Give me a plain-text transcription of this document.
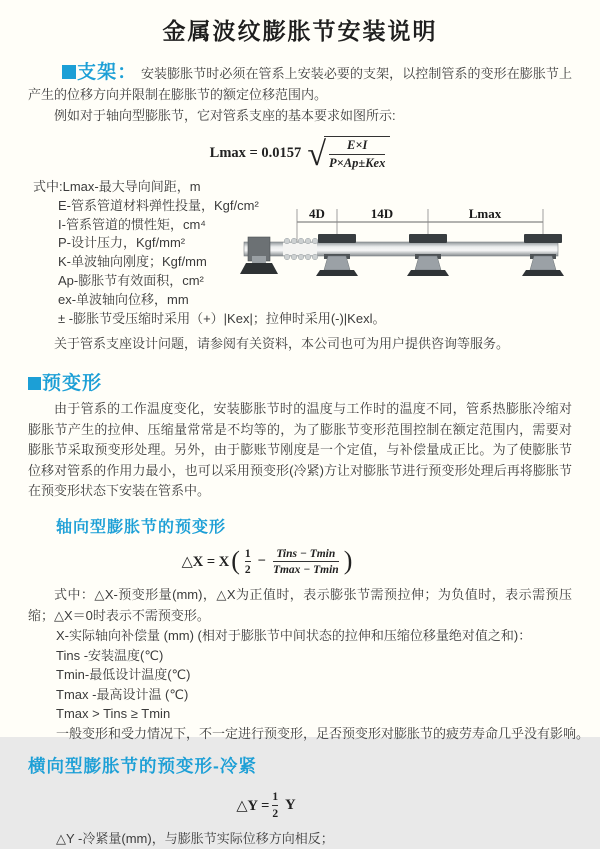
金属波纹膨胀节安装说明
支架： 安装膨胀节时必须在管系上安装必要的支架，以控制管系的变形在膨胀节上产生的位移方向并限制在膨胀节的额定位移范围内。
例如对于轴向型膨胀节，它对管系支座的基本要求如图所示:
Lmax = 0.0157 √
$\frac{E\times I}{\text{P×Ap±Kex}}$
式中:Lmax-最大导向间距，m
E-管系管道材料弹性投量，Kgf/cm²
I-管系管道的惯性矩，cm⁴
P-设计压力，Kgf/mm²
K-单波轴向刚度；Kgf/mm
Ap-膨胀节有效面积，cm²
ex-单波轴向位移，mm
± -膨胀节受压缩时采用（+）|Kex|；拉伸时采用(-)|Kexl。
4D	14D	Lmax
关于管系支座设计问题，请参阅有关资料，本公司也可为用户提供咨询等服务。
预变形
由于管系的工作温度变化，安装膨胀节时的温度与工作时的温度不同，管系热膨胀冷缩对膨胀节产生的拉伸、压缩量常常是不均等的，为了膨胀节变形范围控制在额定范围内，需要对膨胀节采取预变形处理。另外，由于膨账节刚度是一个定值，与补偿量成正比。为了使膨胀节位移对管系的作用力最小，也可以采用预变形(冷紧)方让对膨胀节进行预变形处理后再将膨胀节在预变形状态下安装在管系中。
轴向型膨胀节的预变形
△X = X ( $\frac{1}{2}$ − Tins − Tmin
Tmax − Tmin )
式中：△X-预变形量(mm)，△X为正值时，表示膨张节需预拉伸；为负值时，表示需预压缩；△X＝0时表示不需预变形。
X-实际轴向补偿量 (mm) (相对于膨胀节中间状态的拉伸和压缩位移量绝对值之和)：
Tins -安装温度(℃)
Tmin-最低设计温度(℃)
Tmax -最高设计温 (℃)
Tmax > Tins ≥ Tmin
一般变形和受力情况下，不一定进行预变形，足否预变形对膨胀节的疲劳寿命几乎没有影响。
横向型膨胀节的预变形-冷紧
△Y = $\frac{1}{2}$ Y
△Y -冷紧量(mm)，与膨胀节实际位移方向相反；
